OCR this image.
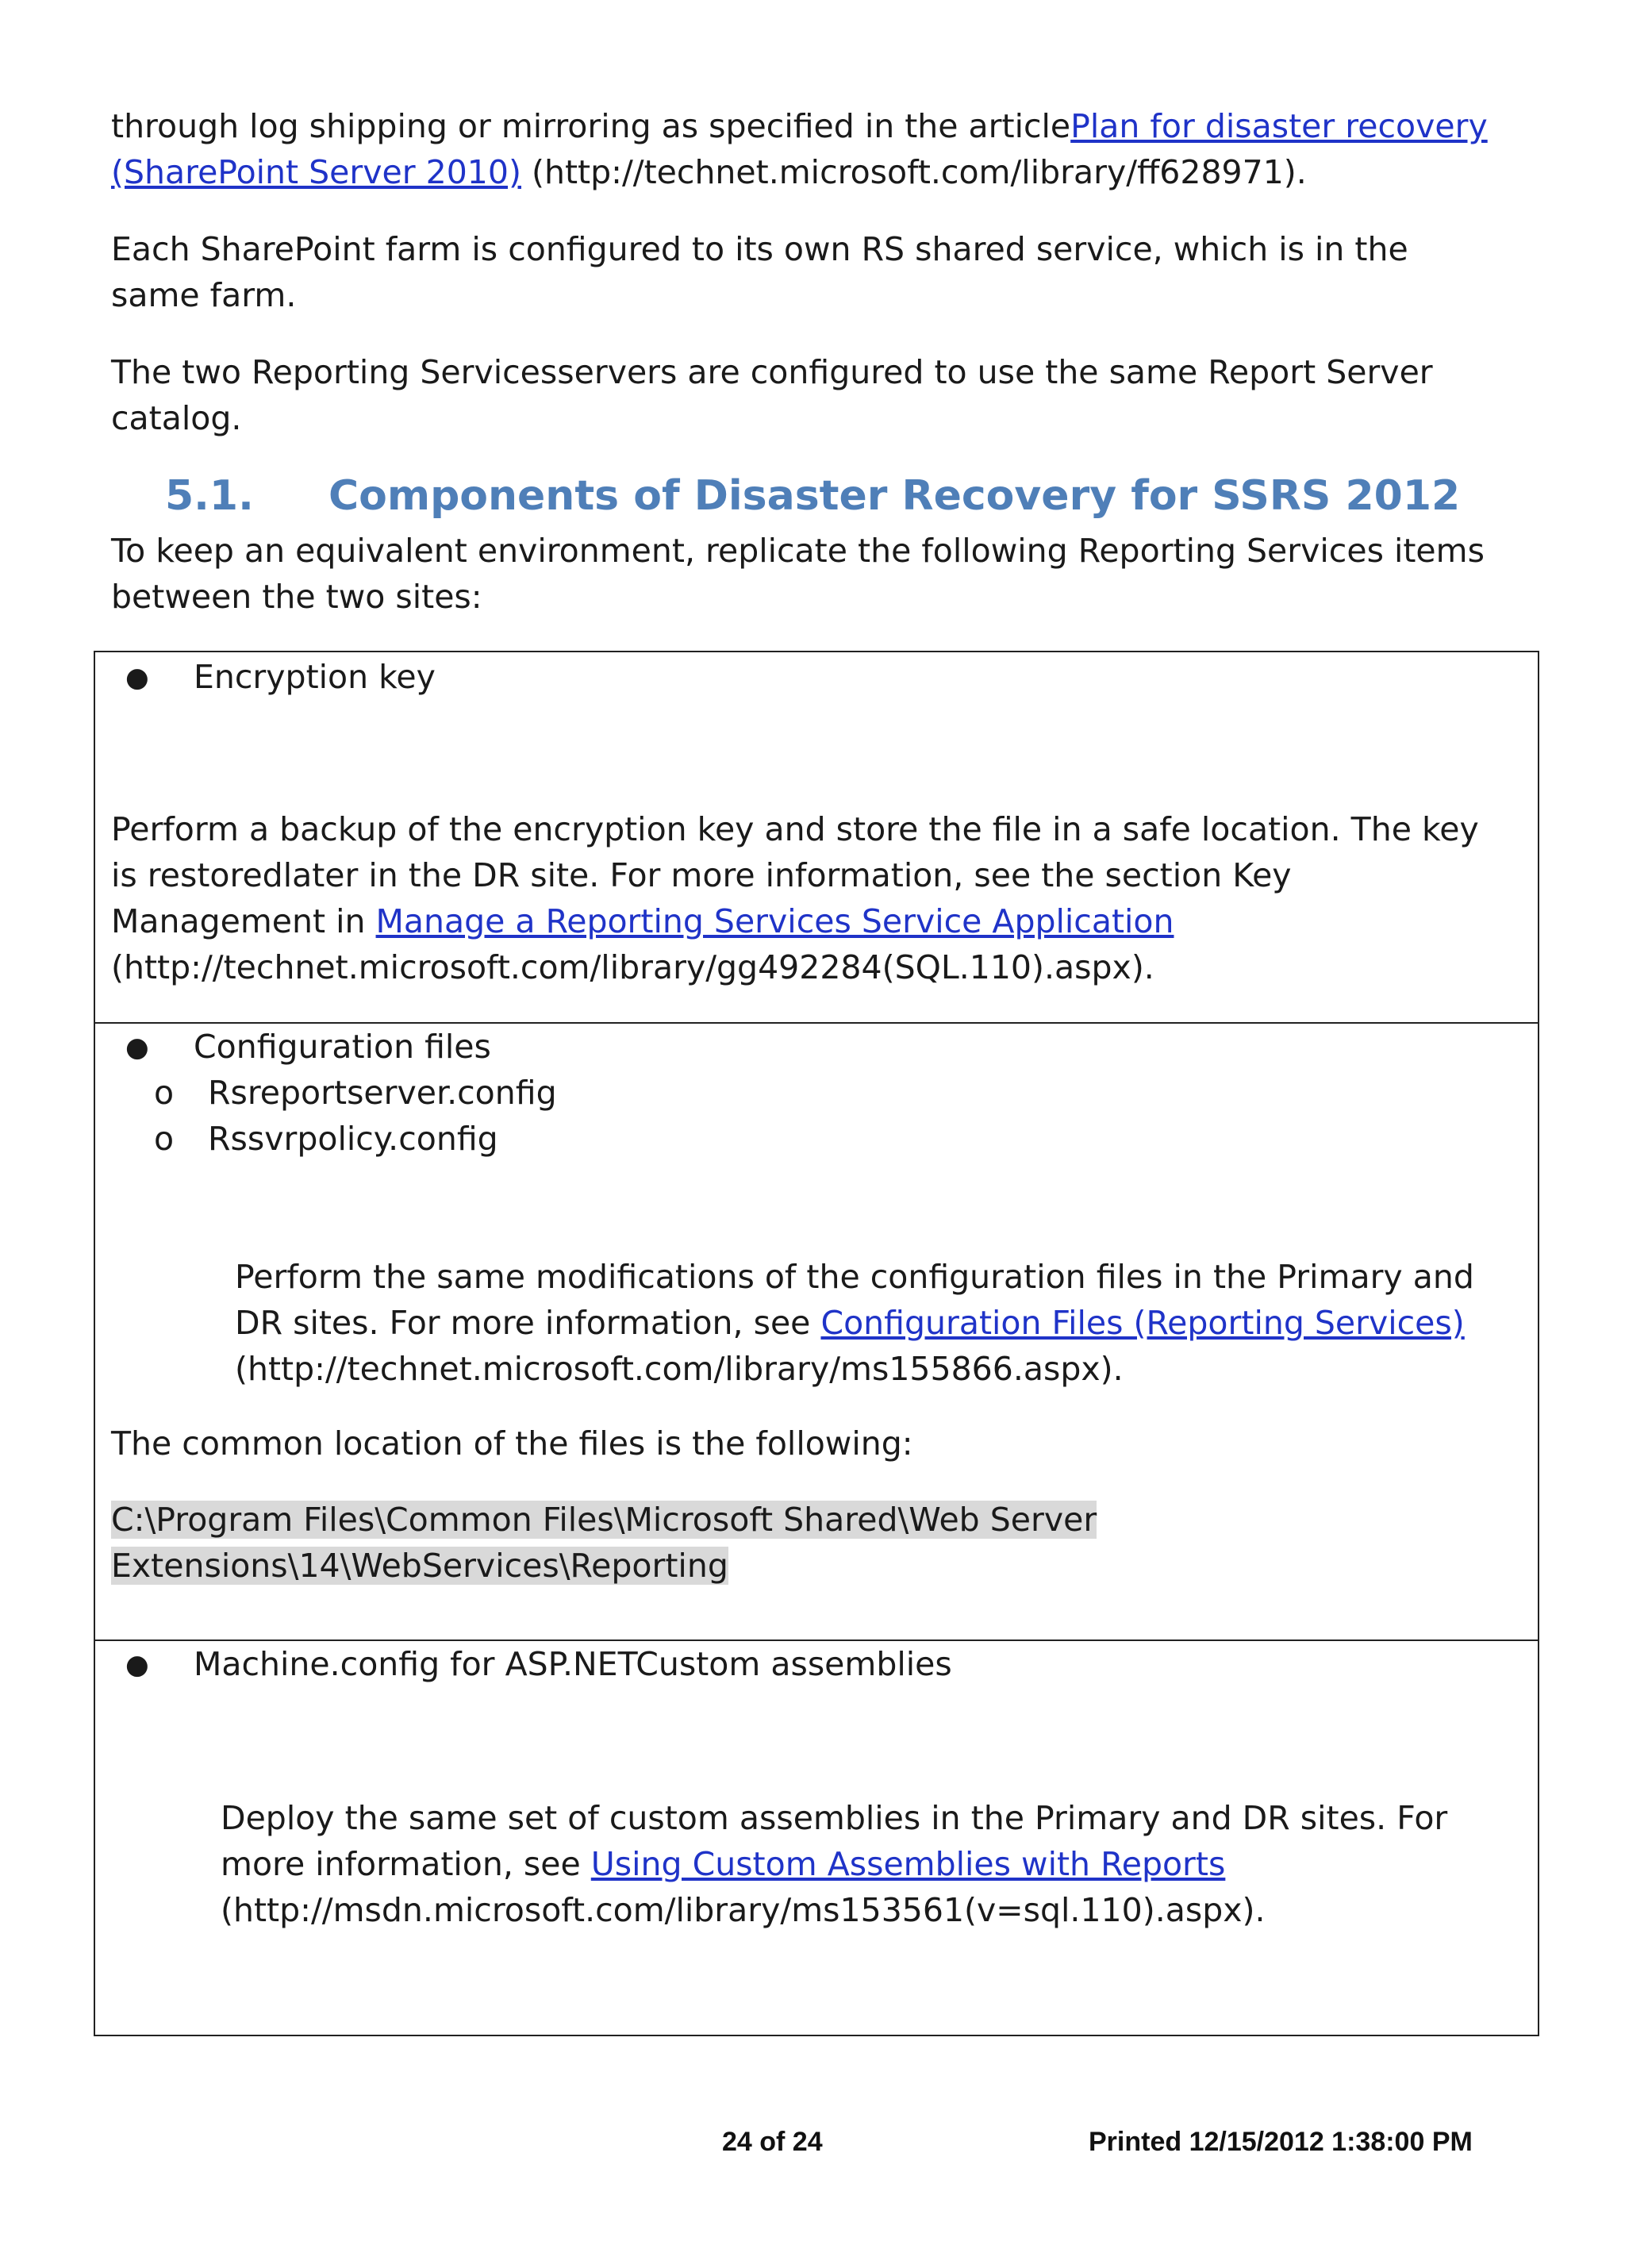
through log shipping or mirroring as specified in the articlePlan for disaster recovery

(SharePoint Server 2010) (http://technet.microsoft.com/library/ff628971).

Each SharePoint farm is configured to its own RS shared service, which is in the same farm.

The two Reporting Servicesservers are configured to use the same Report Server catalog.

5.1. Components of Disaster Recovery for SSRS 2012

To keep an equivalent environment, replicate the following Reporting Services items between the two sites:

● Encryption key

Perform a backup of the encryption key and store the file in a safe location. The key

is restoredlater in the DR site. For more information, see the section Key

Management in Manage a Reporting Services Service Application

(http://technet.microsoft.com/library/gg492284(SQL.110).aspx).

● Configuration files
o Rsreportserver.config
o Rssvrpolicy.config

Perform the same modifications of the configuration files in the Primary and

DR sites. For more information, see Configuration Files (Reporting Services)

(http://technet.microsoft.com/library/ms155866.aspx).

The common location of the files is the following:

C:\Program Files\Common Files\Microsoft Shared\Web Server

Extensions\14\WebServices\Reporting

● Machine.config for ASP.NETCustom assemblies

Deploy the same set of custom assemblies in the Primary and DR sites. For

more information, see Using Custom Assemblies with Reports

(http://msdn.microsoft.com/library/ms153561(v=sql.110).aspx).

24 of 24	Printed 12/15/2012 1:38:00 PM
